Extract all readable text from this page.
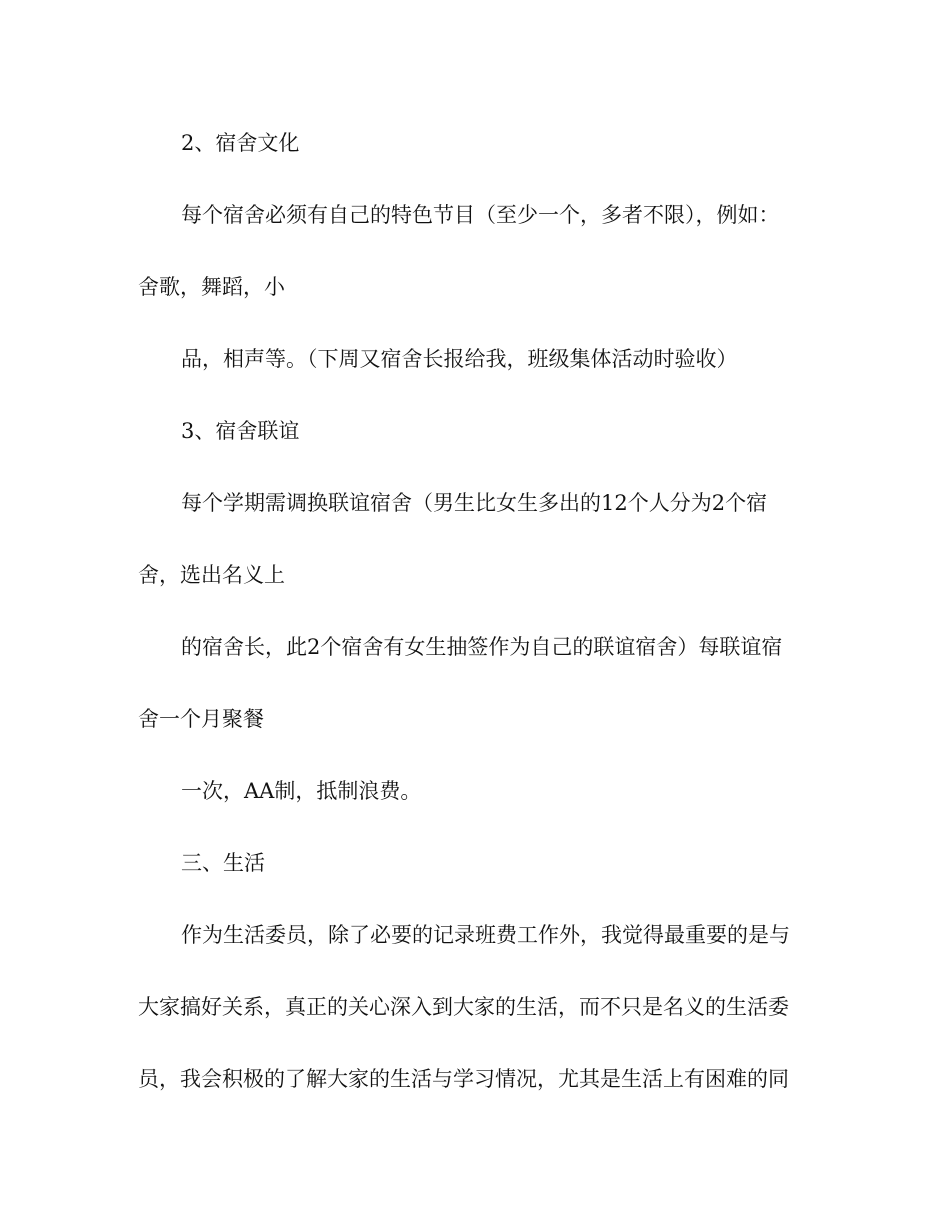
2、宿舍文化
每个宿舍必须有自己的特色节目（至少一个，多者不限），例如：
舍歌，舞蹈，小
品，相声等。（下周又宿舍长报给我，班级集体活动时验收）
3、宿舍联谊
每个学期需调换联谊宿舍（男生比女生多出的12个人分为2个宿
舍，选出名义上
的宿舍长，此2个宿舍有女生抽签作为自己的联谊宿舍）每联谊宿
舍一个月聚餐
一次，AA制，抵制浪费。
三、生活
作为生活委员，除了必要的记录班费工作外，我觉得最重要的是与
大家搞好关系，真正的关心深入到大家的生活，而不只是名义的生活委
员，我会积极的了解大家的生活与学习情况，尤其是生活上有困难的同
